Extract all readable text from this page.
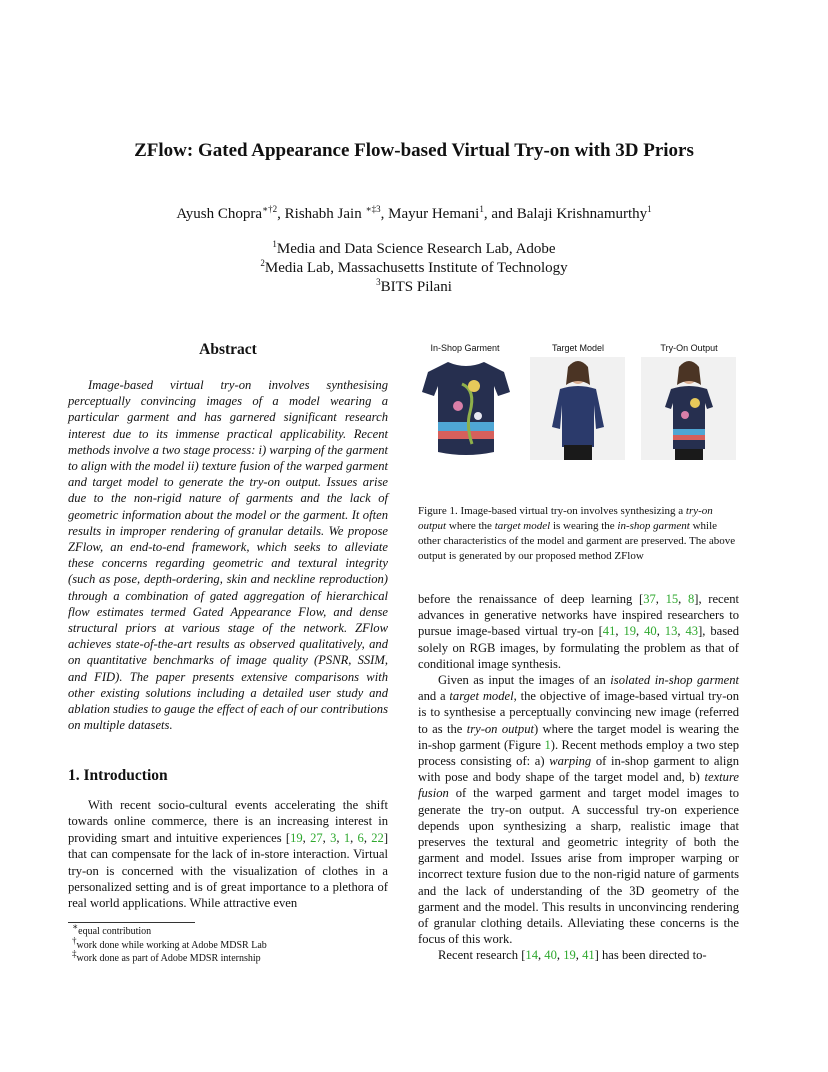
ZFlow: Gated Appearance Flow-based Virtual Try-on with 3D Priors
Ayush Chopra$^{∗\dagger 2}$, Rishabh Jain $^{∗\ddagger 3}$, Mayur Hemani$^1$, and Balaji Krishnamurthy$^1$
$^1$Media and Data Science Research Lab, Adobe
$^2$Media Lab, Massachusetts Institute of Technology
$^3$BITS Pilani
Abstract

Image-based virtual try-on involves synthesising perceptually convincing images of a model wearing a particular garment and has garnered significant research interest due to its immense practical applicability. Recent methods involve a two stage process: i) warping of the garment to align with the model ii) texture fusion of the warped garment and target model to generate the try-on output. Issues arise due to the non-rigid nature of garments and the lack of geometric information about the model or the garment. It often results in improper rendering of granular details. We propose ZFlow, an end-to-end framework, which seeks to alleviate these concerns regarding geometric and textural integrity (such as pose, depth-ordering, skin and neckline reproduction) through a combination of gated aggregation of hierarchical flow estimates termed Gated Appearance Flow, and dense structural priors at various stage of the network. ZFlow achieves state-of-the-art results as observed qualitatively, and on quantitative benchmarks of image quality (PSNR, SSIM, and FID). The paper presents extensive comparisons with other existing solutions including a detailed user study and ablation studies to gauge the effect of each of our contributions on multiple datasets.

1. Introduction

With recent socio-cultural events accelerating the shift towards online commerce, there is an increasing interest in providing smart and intuitive experiences [19, 27, 3, 1, 6, 22] that can compensate for the lack of in-store interaction. Virtual try-on is concerned with the visualization of clothes in a personalized setting and is of great importance to a plethora of real world applications. While attractive even

∗equal contribution
†work done while working at Adobe MDSR Lab
‡work done as part of Adobe MDSR internship
In-Shop Garment	Target Model	Try-On Output

Figure 1. Image-based virtual try-on involves synthesizing a try-on output where the target model is wearing the in-shop garment while other characteristics of the model and garment are preserved. The above output is generated by our proposed method ZFlow

before the renaissance of deep learning [37, 15, 8], recent advances in generative networks have inspired researchers to pursue image-based virtual try-on [41, 19, 40, 13, 43], based solely on RGB images, by formulating the problem as that of conditional image synthesis.

Given as input the images of an isolated in-shop garment and a target model, the objective of image-based virtual try-on is to synthesise a perceptually convincing new image (referred to as the try-on output) where the target model is wearing the in-shop garment (Figure 1). Recent methods employ a two step process consisting of: a) warping of in-shop garment to align with pose and body shape of the target model and, b) texture fusion of the warped garment and target model images to generate the try-on output. A successful try-on experience depends upon synthesizing a sharp, realistic image that preserves the textural and geometric integrity of both the garment and model. Issues arise from improper warping or incorrect texture fusion due to the non-rigid nature of garments and the lack of understanding of the 3D geometry of the garment and the model. This results in unconvincing rendering of granular clothing details. Alleviating these concerns is the focus of this work.

Recent research [14, 40, 19, 41] has been directed to-
